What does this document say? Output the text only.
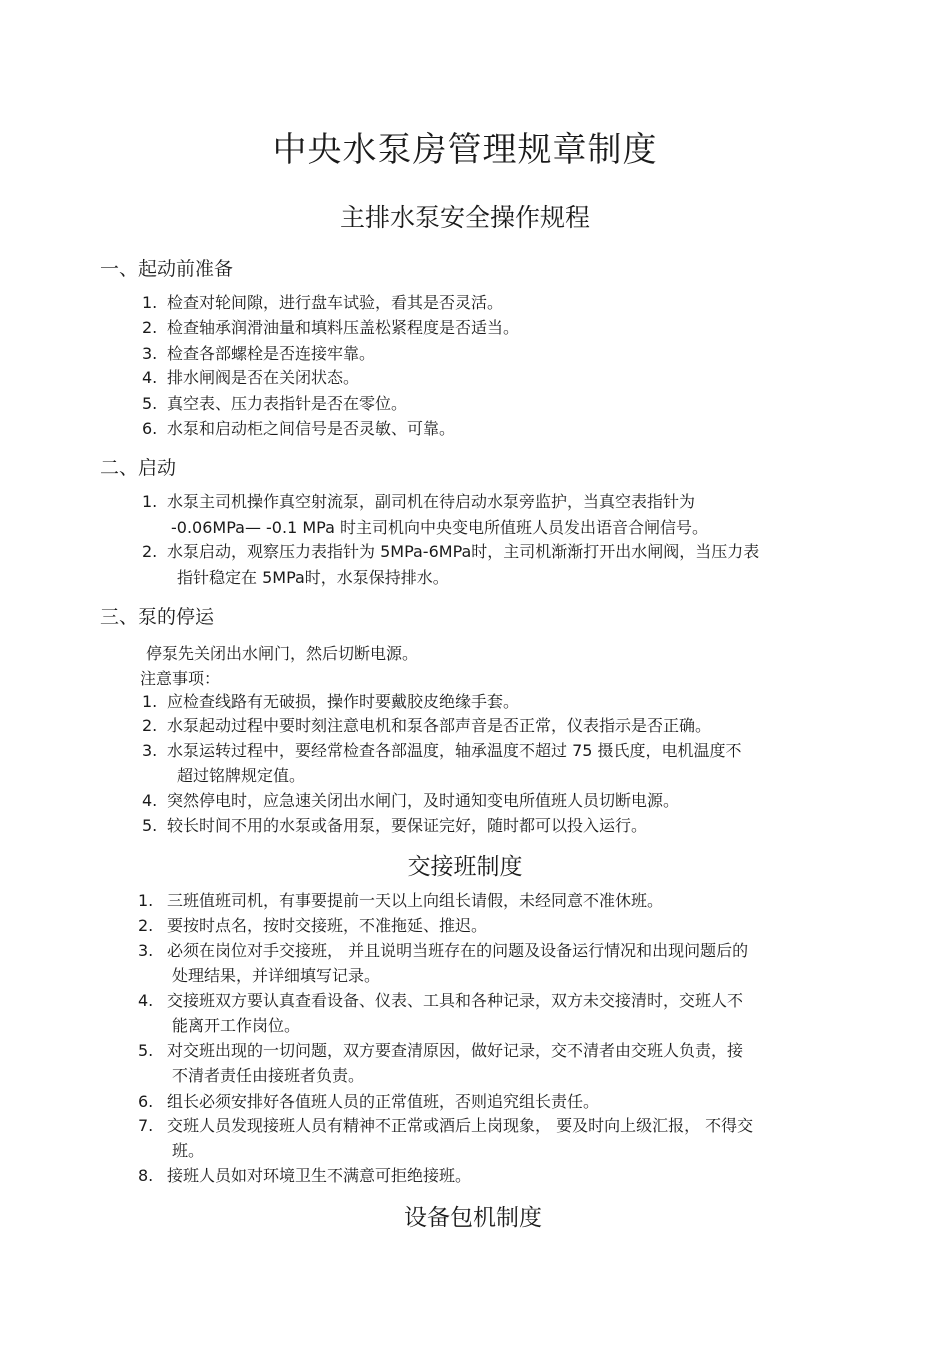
中央水泵房管理规章制度
主排水泵安全操作规程
一、起动前准备
1. 检查对轮间隙，进行盘车试验，看其是否灵活。
2. 检查轴承润滑油量和填料压盖松紧程度是否适当。
3. 检查各部螺栓是否连接牢靠。
4. 排水闸阀是否在关闭状态。
5. 真空表、压力表指针是否在零位。
6. 水泵和启动柜之间信号是否灵敏、可靠。
二、启动
1. 水泵主司机操作真空射流泵，副司机在待启动水泵旁监护，当真空表指针为
-0.06MPa— -0.1 MPa 时主司机向中央变电所值班人员发出语音合闸信号。
2. 水泵启动，观察压力表指针为 5MPa-6MPa时，主司机渐渐打开出水闸阀，当压力表
指针稳定在 5MPa时，水泵保持排水。
三、泵的停运
停泵先关闭出水闸门，然后切断电源。
注意事项：
1. 应检查线路有无破损，操作时要戴胶皮绝缘手套。
2. 水泵起动过程中要时刻注意电机和泵各部声音是否正常，仪表指示是否正确。
3. 水泵运转过程中，要经常检查各部温度，轴承温度不超过 75 摄氏度，电机温度不
超过铭牌规定值。
4. 突然停电时，应急速关闭出水闸门，及时通知变电所值班人员切断电源。
5. 较长时间不用的水泵或备用泵，要保证完好，随时都可以投入运行。
交接班制度
1. 三班值班司机，有事要提前一天以上向组长请假，未经同意不准休班。
2. 要按时点名，按时交接班，不准拖延、推迟。
3. 必须在岗位对手交接班， 并且说明当班存在的问题及设备运行情况和出现问题后的
处理结果，并详细填写记录。
4. 交接班双方要认真查看设备、仪表、工具和各种记录，双方未交接清时，交班人不
能离开工作岗位。
5. 对交班出现的一切问题，双方要查清原因，做好记录，交不清者由交班人负责，接
不清者责任由接班者负责。
6. 组长必须安排好各值班人员的正常值班，否则追究组长责任。
7. 交班人员发现接班人员有精神不正常或酒后上岗现象， 要及时向上级汇报， 不得交
班。
8. 接班人员如对环境卫生不满意可拒绝接班。
设备包机制度
